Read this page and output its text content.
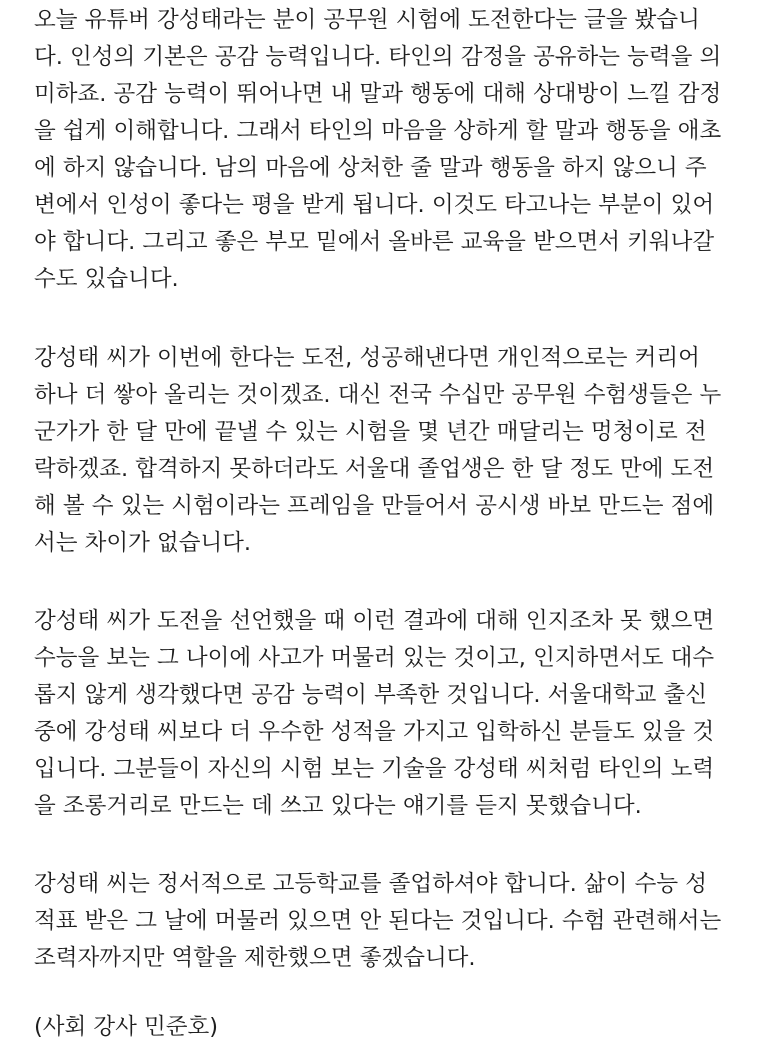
오늘 유튜버 강성태라는 분이 공무원 시험에 도전한다는 글을 봤습니
다. 인성의 기본은 공감 능력입니다. 타인의 감정을 공유하는 능력을 의
미하죠. 공감 능력이 뛰어나면 내 말과 행동에 대해 상대방이 느낄 감정
을 쉽게 이해합니다. 그래서 타인의 마음을 상하게 할 말과 행동을 애초
에 하지 않습니다. 남의 마음에 상처한 줄 말과 행동을 하지 않으니 주
변에서 인성이 좋다는 평을 받게 됩니다. 이것도 타고나는 부분이 있어
야 합니다. 그리고 좋은 부모 밑에서 올바른 교육을 받으면서 키워나갈
수도 있습니다.
강성태 씨가 이번에 한다는 도전, 성공해낸다면 개인적으로는 커리어
하나 더 쌓아 올리는 것이겠죠. 대신 전국 수십만 공무원 수험생들은 누
군가가 한 달 만에 끝낼 수 있는 시험을 몇 년간 매달리는 멍청이로 전
락하겠죠. 합격하지 못하더라도 서울대 졸업생은 한 달 정도 만에 도전
해 볼 수 있는 시험이라는 프레임을 만들어서 공시생 바보 만드는 점에
서는 차이가 없습니다.
강성태 씨가 도전을 선언했을 때 이런 결과에 대해 인지조차 못 했으면
수능을 보는 그 나이에 사고가 머물러 있는 것이고, 인지하면서도 대수
롭지 않게 생각했다면 공감 능력이 부족한 것입니다. 서울대학교 출신
중에 강성태 씨보다 더 우수한 성적을 가지고 입학하신 분들도 있을 것
입니다. 그분들이 자신의 시험 보는 기술을 강성태 씨처럼 타인의 노력
을 조롱거리로 만드는 데 쓰고 있다는 얘기를 듣지 못했습니다.
강성태 씨는 정서적으로 고등학교를 졸업하셔야 합니다. 삶이 수능 성
적표 받은 그 날에 머물러 있으면 안 된다는 것입니다. 수험 관련해서는
조력자까지만 역할을 제한했으면 좋겠습니다.
(사회 강사 민준호)
